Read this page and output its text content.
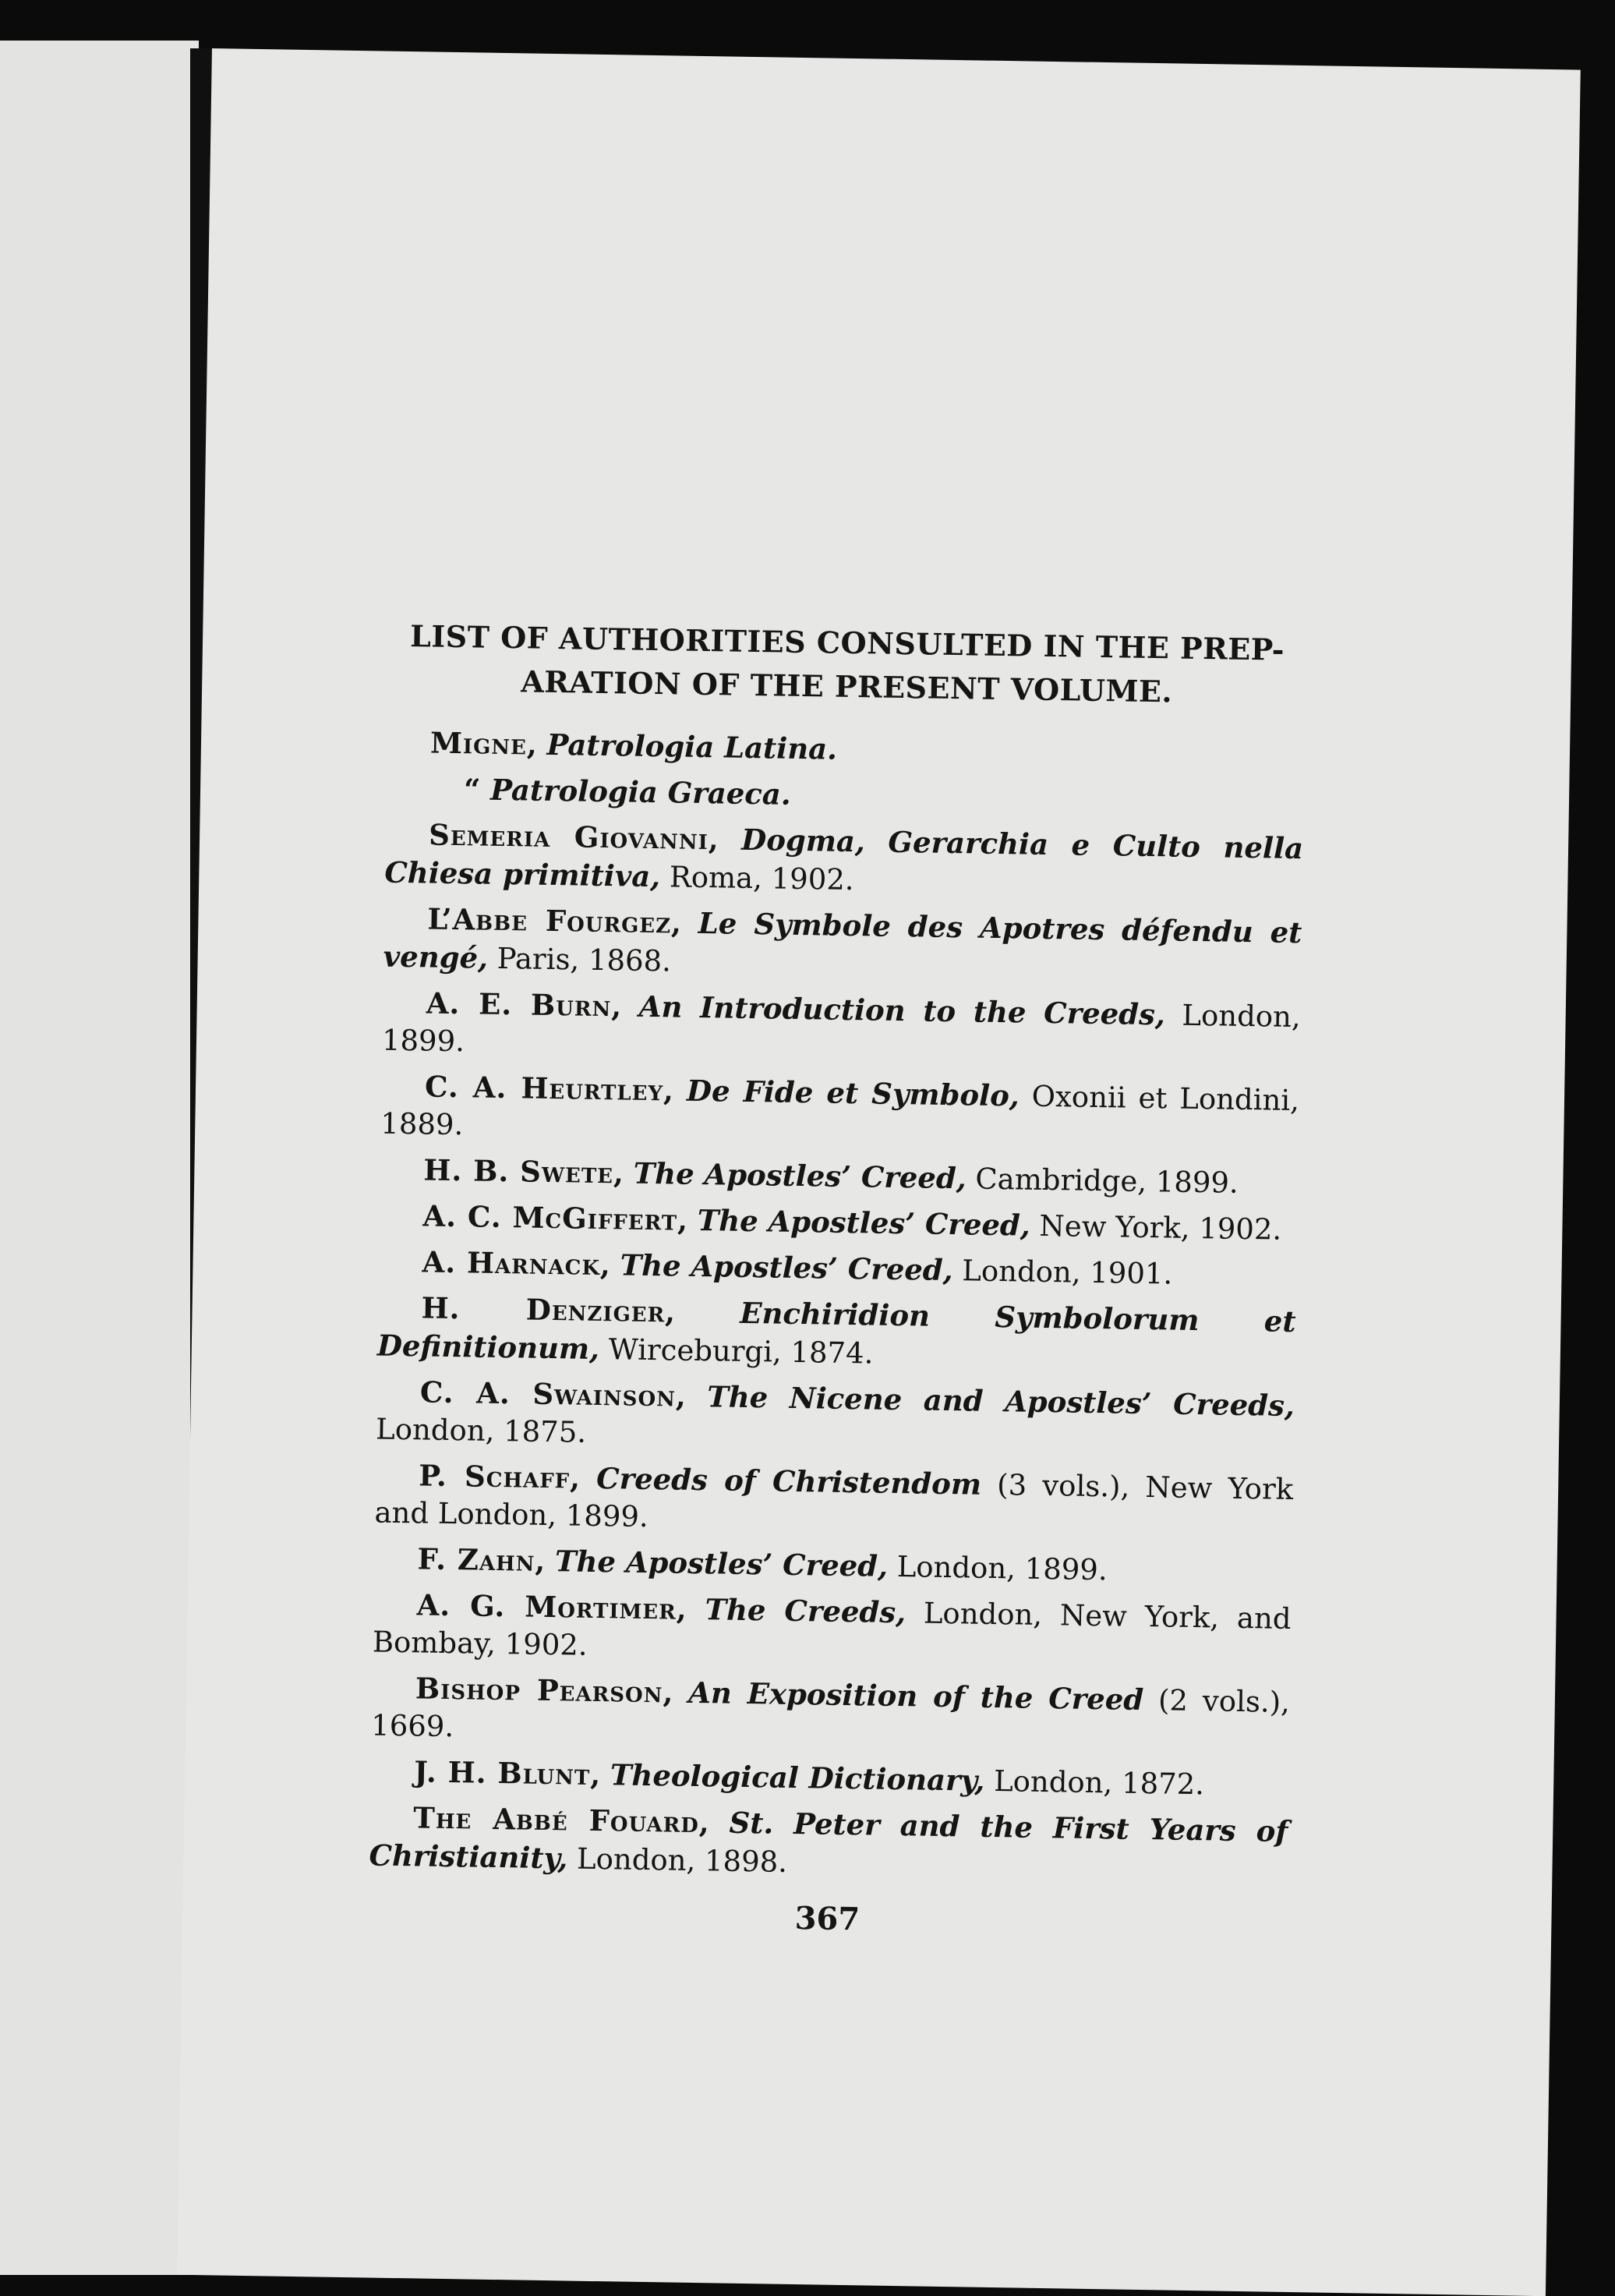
LIST OF AUTHORITIES CONSULTED IN THE PREP-
ARATION OF THE PRESENT VOLUME.

Migne, Patrologia Latina.

“ Patrologia Graeca.

Semeria Giovanni, Dogma, Gerarchia e Culto nella Chiesa primitiva, Roma, 1902.

L’Abbe Fourgez, Le Symbole des Apotres défendu et vengé, Paris, 1868.

A. E. Burn, An Introduction to the Creeds, London, 1899.

C. A. Heurtley, De Fide et Symbolo, Oxonii et Londini, 1889.

H. B. Swete, The Apostles’ Creed, Cambridge, 1899.

A. C. McGiffert, The Apostles’ Creed, New York, 1902.

A. Harnack, The Apostles’ Creed, London, 1901.

H. Denziger, Enchiridion Symbolorum et Definitionum, Wirceburgi, 1874.

C. A. Swainson, The Nicene and Apostles’ Creeds, London, 1875.

P. Schaff, Creeds of Christendom (3 vols.), New York and London, 1899.

F. Zahn, The Apostles’ Creed, London, 1899.

A. G. Mortimer, The Creeds, London, New York, and Bombay, 1902.

Bishop Pearson, An Exposition of the Creed (2 vols.), 1669.

J. H. Blunt, Theological Dictionary, London, 1872.

The Abbé Fouard, St. Peter and the First Years of Christianity, London, 1898.

367
